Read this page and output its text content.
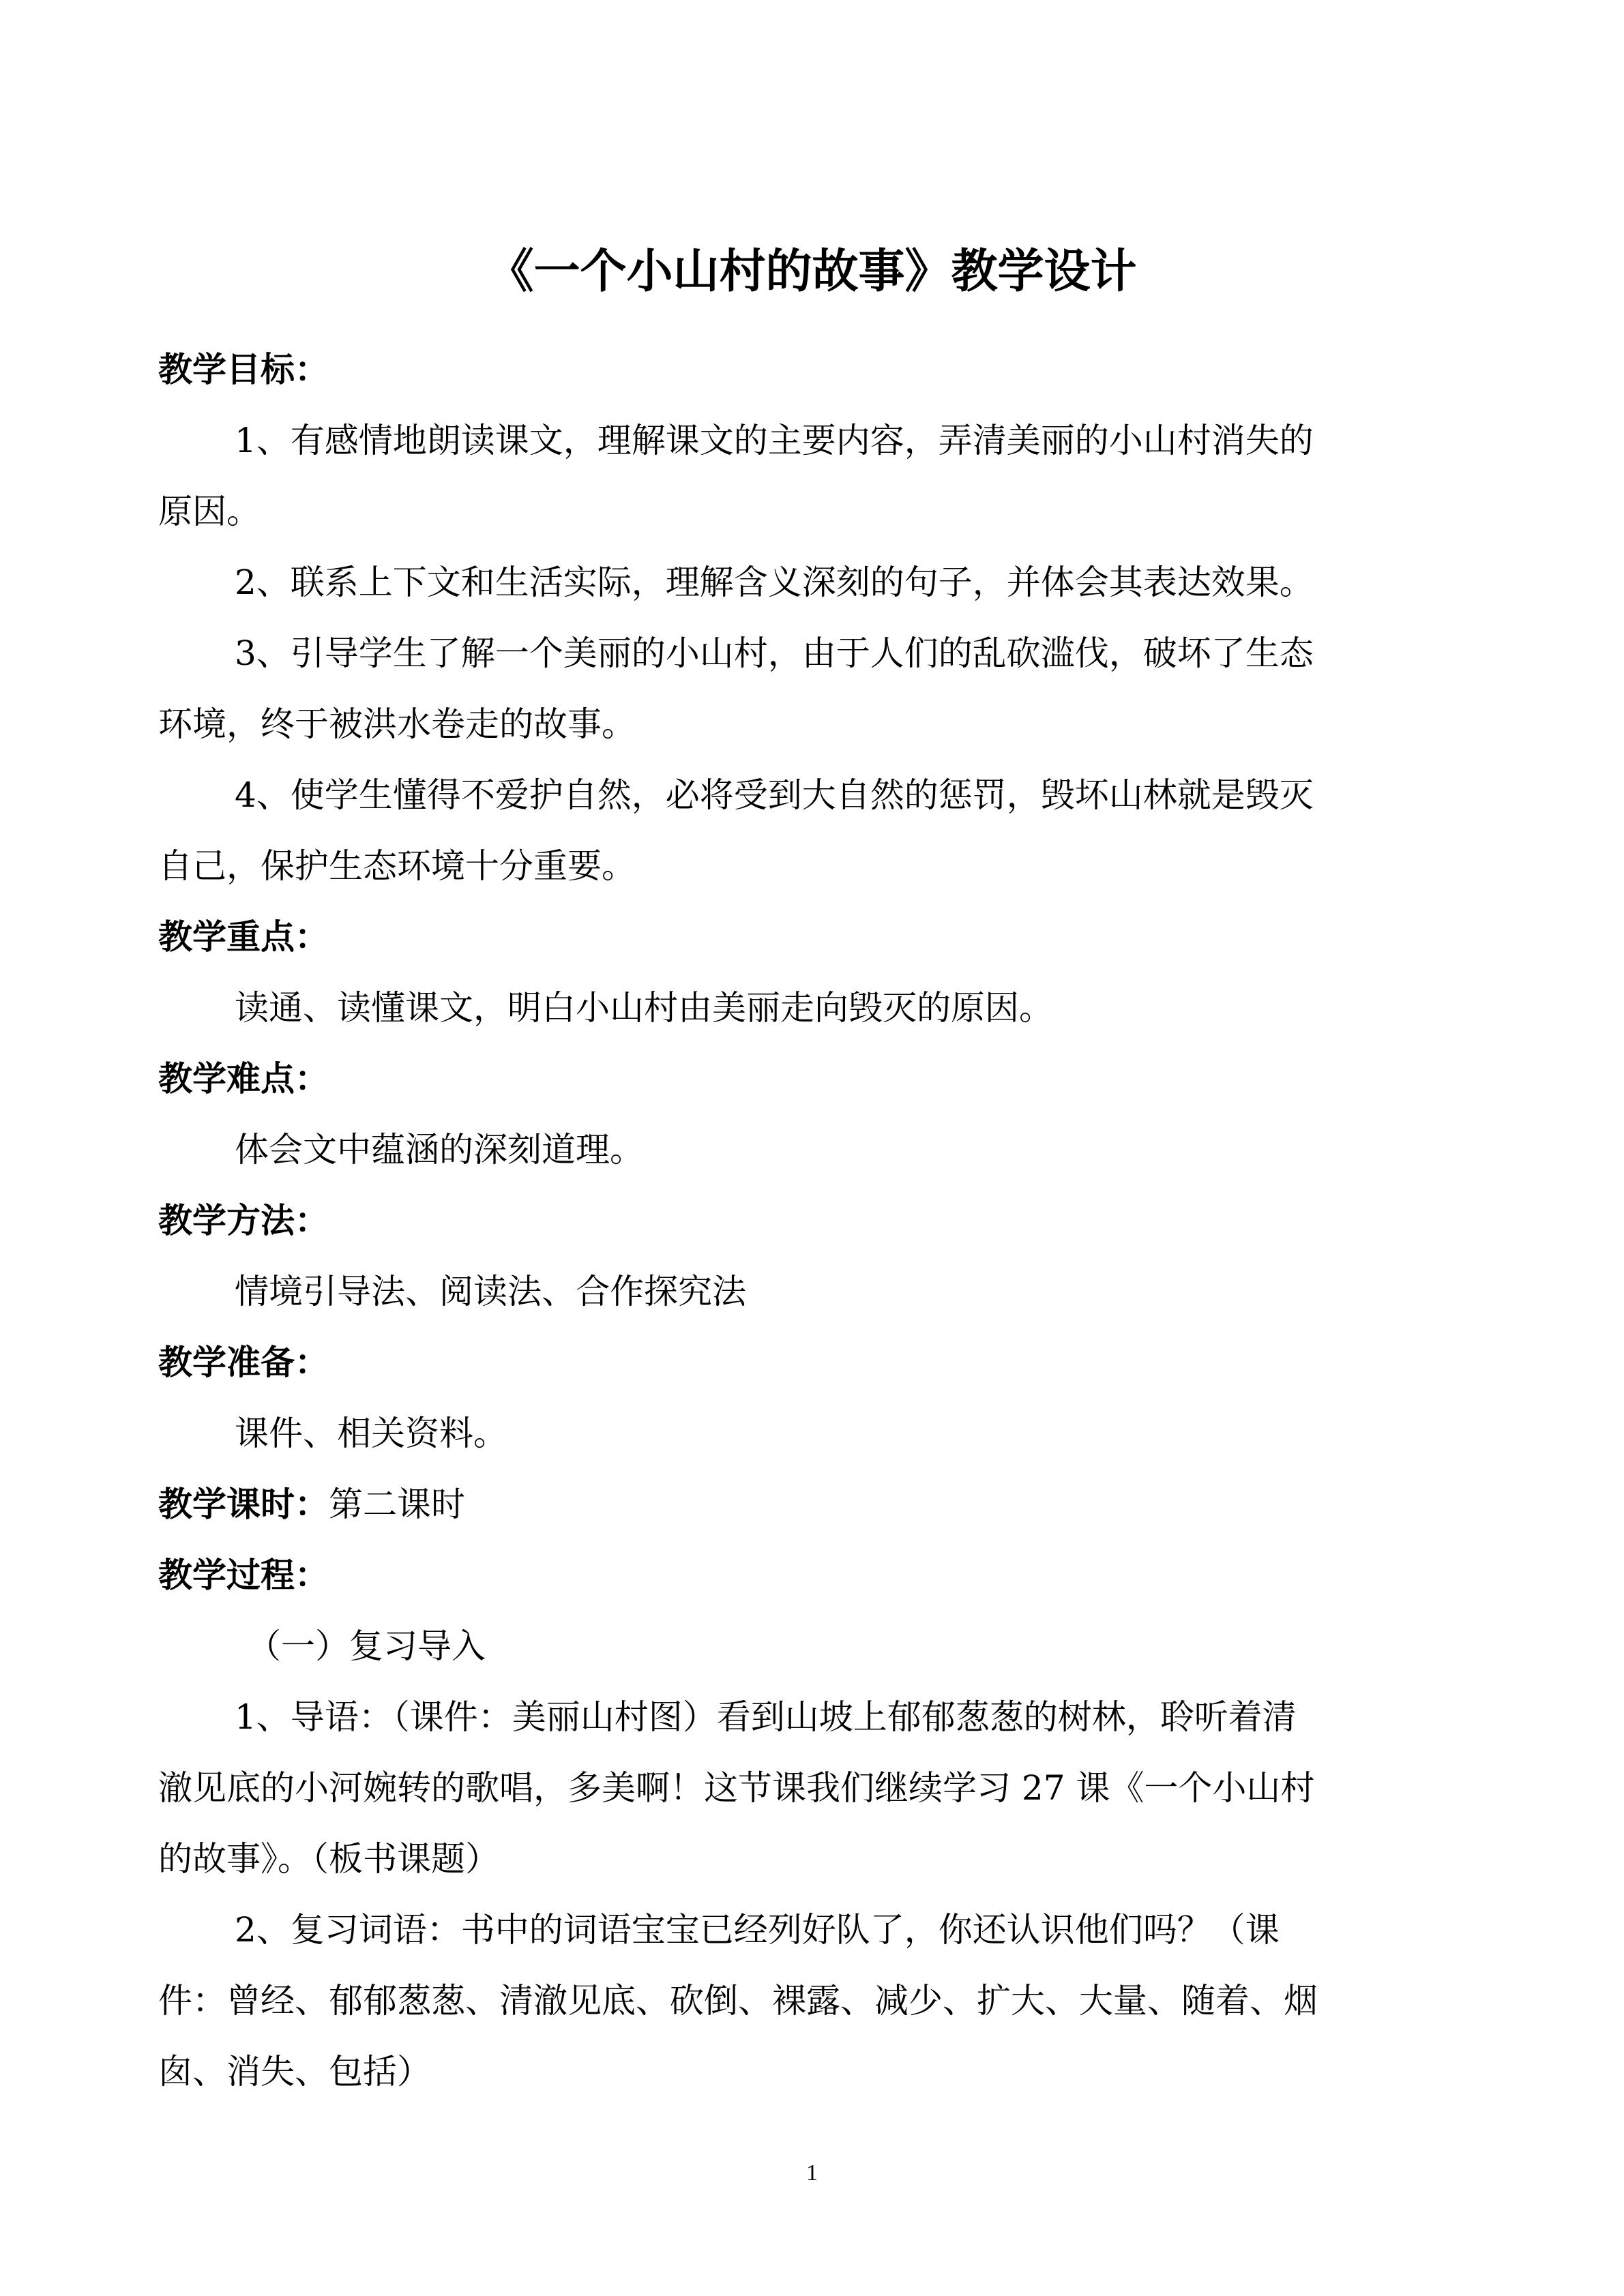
《一个小山村的故事》教学设计
教学目标：
1、有感情地朗读课文，理解课文的主要内容，弄清美丽的小山村消失的
原因。
2、联系上下文和生活实际，理解含义深刻的句子，并体会其表达效果。
3、引导学生了解一个美丽的小山村，由于人们的乱砍滥伐，破坏了生态
环境，终于被洪水卷走的故事。
4、使学生懂得不爱护自然，必将受到大自然的惩罚，毁坏山林就是毁灭
自己，保护生态环境十分重要。
教学重点：
读通、读懂课文，明白小山村由美丽走向毁灭的原因。
教学难点：
体会文中蕴涵的深刻道理。
教学方法：
情境引导法、阅读法、合作探究法
教学准备：
课件、相关资料。
教学课时：第二课时
教学过程：
（一）复习导入
1、导语：（课件：美丽山村图）看到山坡上郁郁葱葱的树林，聆听着清
澈见底的小河婉转的歌唱，多美啊！这节课我们继续学习 27 课《一个小山村
的故事》。（板书课题）
2、复习词语：书中的词语宝宝已经列好队了，你还认识他们吗？（课
件：曾经、郁郁葱葱、清澈见底、砍倒、裸露、减少、扩大、大量、随着、烟
囱、消失、包括）
1
